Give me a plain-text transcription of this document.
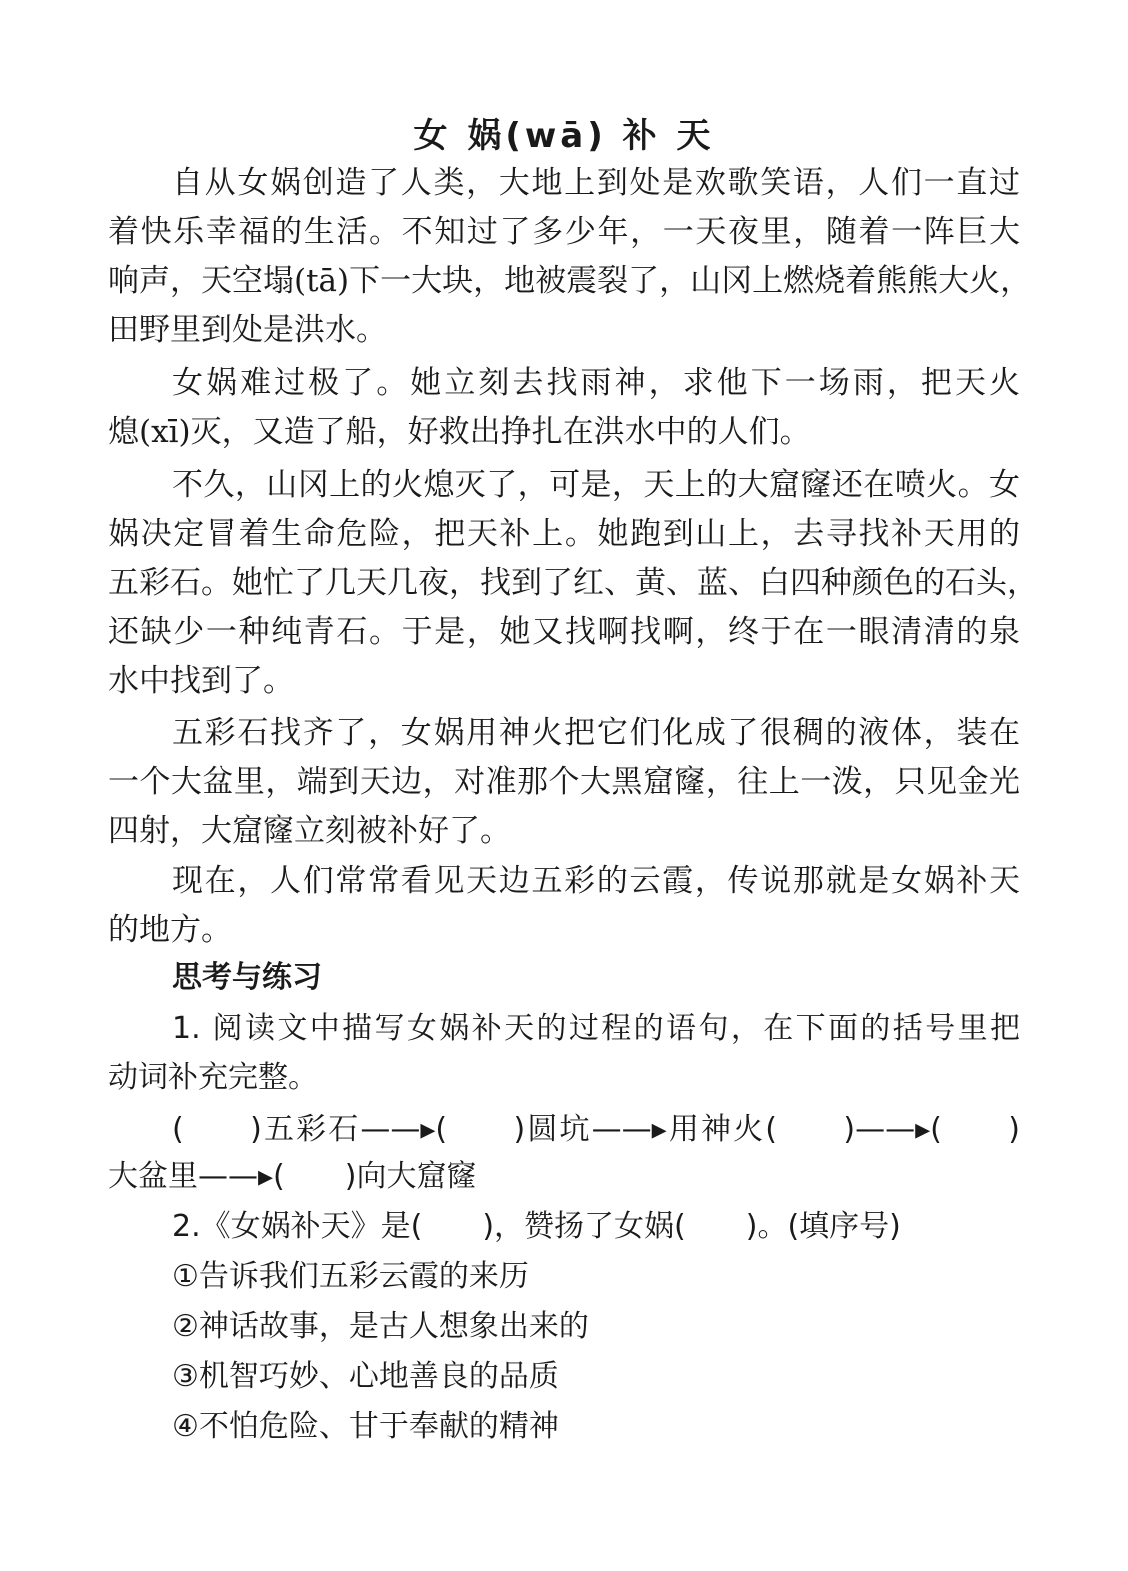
女 娲(wā) 补 天
自从女娲创造了人类，大地上到处是欢歌笑语，人们一直过
着快乐幸福的生活。不知过了多少年，一天夜里，随着一阵巨大
响声，天空塌(tā)下一大块，地被震裂了，山冈上燃烧着熊熊大火，
田野里到处是洪水。
女娲难过极了。她立刻去找雨神，求他下一场雨，把天火
熄(xī)灭，又造了船，好救出挣扎在洪水中的人们。
不久，山冈上的火熄灭了，可是，天上的大窟窿还在喷火。女
娲决定冒着生命危险，把天补上。她跑到山上，去寻找补天用的
五彩石。她忙了几天几夜，找到了红、黄、蓝、白四种颜色的石头，
还缺少一种纯青石。于是，她又找啊找啊，终于在一眼清清的泉
水中找到了。
五彩石找齐了，女娲用神火把它们化成了很稠的液体，装在
一个大盆里，端到天边，对准那个大黑窟窿，往上一泼，只见金光
四射，大窟窿立刻被补好了。
现在，人们常常看见天边五彩的云霞，传说那就是女娲补天
的地方。
思考与练习
1. 阅读文中描写女娲补天的过程的语句，在下面的括号里把
动词补充完整。
(　　)五彩石——▸(　　)圆坑——▸用神火(　　)——▸(　　)
大盆里——▸(　　)向大窟窿
2.《女娲补天》是(　　)，赞扬了女娲(　　)。(填序号)
①告诉我们五彩云霞的来历
②神话故事，是古人想象出来的
③机智巧妙、心地善良的品质
④不怕危险、甘于奉献的精神
